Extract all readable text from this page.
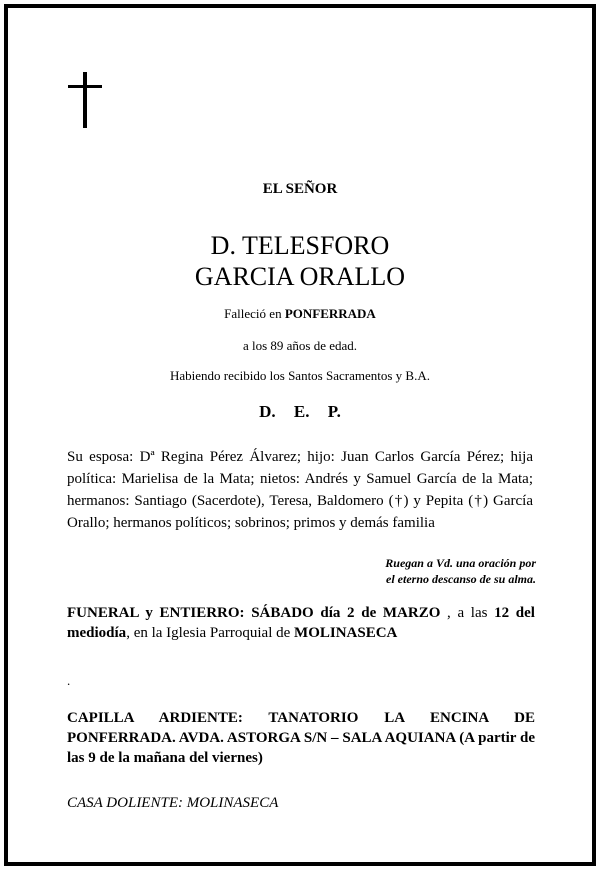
EL SEÑOR
D. TELESFORO
GARCIA ORALLO
Falleció en PONFERRADA
a los 89 años de edad.
Habiendo recibido los Santos Sacramentos y B.A.
D. E. P.
Su esposa: Dª Regina Pérez Álvarez; hijo: Juan Carlos García Pérez; hija política: Marielisa de la Mata; nietos: Andrés y Samuel García de la Mata; hermanos: Santiago (Sacerdote), Teresa, Baldomero (†) y Pepita (†) García Orallo; hermanos políticos; sobrinos; primos y demás familia
Ruegan a Vd. una oración por
el eterno descanso de su alma.
FUNERAL y ENTIERRO: SÁBADO día 2 de MARZO , a las 12 del mediodía, en la Iglesia Parroquial de MOLINASECA
.
CAPILLA ARDIENTE: TANATORIO LA ENCINA DE PONFERRADA. AVDA. ASTORGA S/N – SALA AQUIANA (A partir de las 9 de la mañana del viernes)
CASA DOLIENTE: MOLINASECA
